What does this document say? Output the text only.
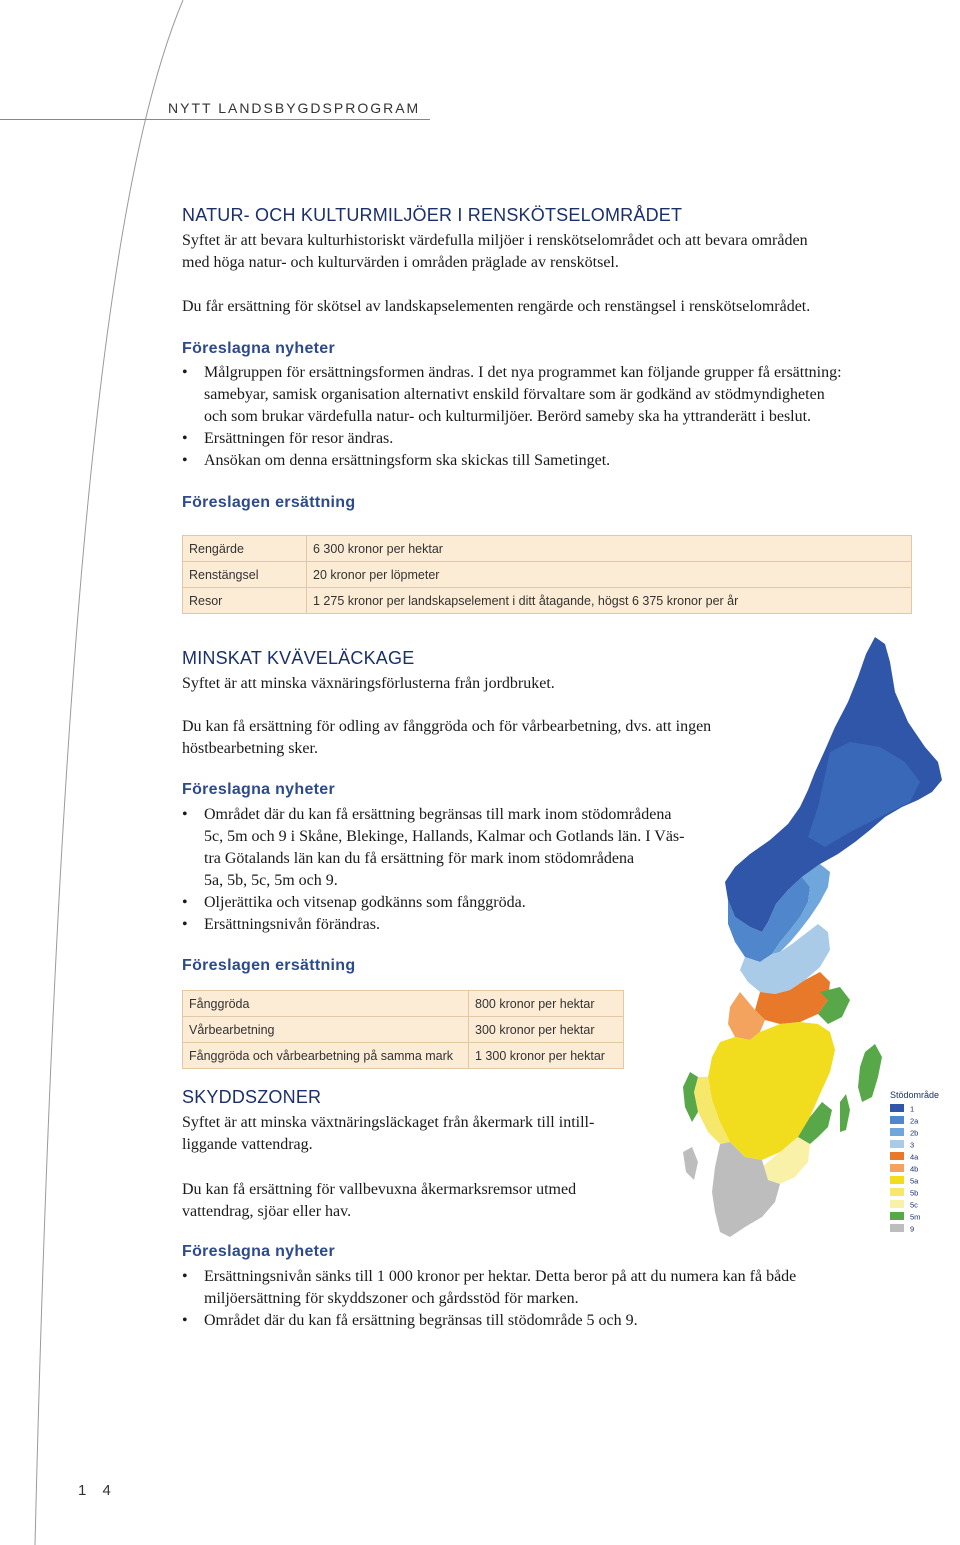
NYTT LANDSBYGDSPROGRAM
NATUR- OCH KULTURMILJÖER I RENSKÖTSELOMRÅDET

Syftet är att bevara kulturhistoriskt värdefulla miljöer i renskötselområdet och att bevara områden

med höga natur- och kulturvärden i områden präglade av renskötsel.

Du får ersättning för skötsel av landskapselementen rengärde och renstängsel i renskötselområdet.

Föreslagna nyheter
• Målgruppen för ersättningsformen ändras. I det nya programmet kan följande grupper få ersättning:
samebyar, samisk organisation alternativt enskild förvaltare som är godkänd av stödmyndigheten
och som brukar värdefulla natur- och kulturmiljöer. Berörd sameby ska ha yttranderätt i beslut.
• Ersättningen för resor ändras.
• Ansökan om denna ersättningsform ska skickas till Sametinget.
Föreslagen ersättning
Rengärde	6 300 kronor per hektar
Renstängsel	20 kronor per löpmeter
Resor	1 275 kronor per landskapselement i ditt åtagande, högst 6 375 kronor per år
Stödområde
1
2a
2b
3
4a
4b
5a
5b
5c
5m
9
MINSKAT KVÄVELÄCKAGE

Syftet är att minska växnäringsförlusterna från jordbruket.

Du kan få ersättning för odling av fånggröda och för vårbearbetning, dvs. att ingen

höstbearbetning sker.

Föreslagna nyheter
• Området där du kan få ersättning begränsas till mark inom stödområdena
5c, 5m och 9 i Skåne, Blekinge, Hallands, Kalmar och Gotlands län. I Väs-
tra Götalands län kan du få ersättning för mark inom stödområdena
5a, 5b, 5c, 5m och 9.
• Oljerättika och vitsenap godkänns som fånggröda.
• Ersättningsnivån förändras.
Föreslagen ersättning
Fånggröda	800 kronor per hektar
Vårbearbetning	300 kronor per hektar
Fånggröda och vårbearbetning på samma mark	1 300 kronor per hektar
SKYDDSZONER

Syftet är att minska växtnäringsläckaget från åkermark till intill-

liggande vattendrag.

Du kan få ersättning för vallbevuxna åkermarksremsor utmed

vattendrag, sjöar eller hav.

Föreslagna nyheter
• Ersättningsnivån sänks till 1 000 kronor per hektar. Detta beror på att du numera kan få både
miljöersättning för skyddszoner och gårdsstöd för marken.
• Området där du kan få ersättning begränsas till stödområde 5 och 9.
1 4
